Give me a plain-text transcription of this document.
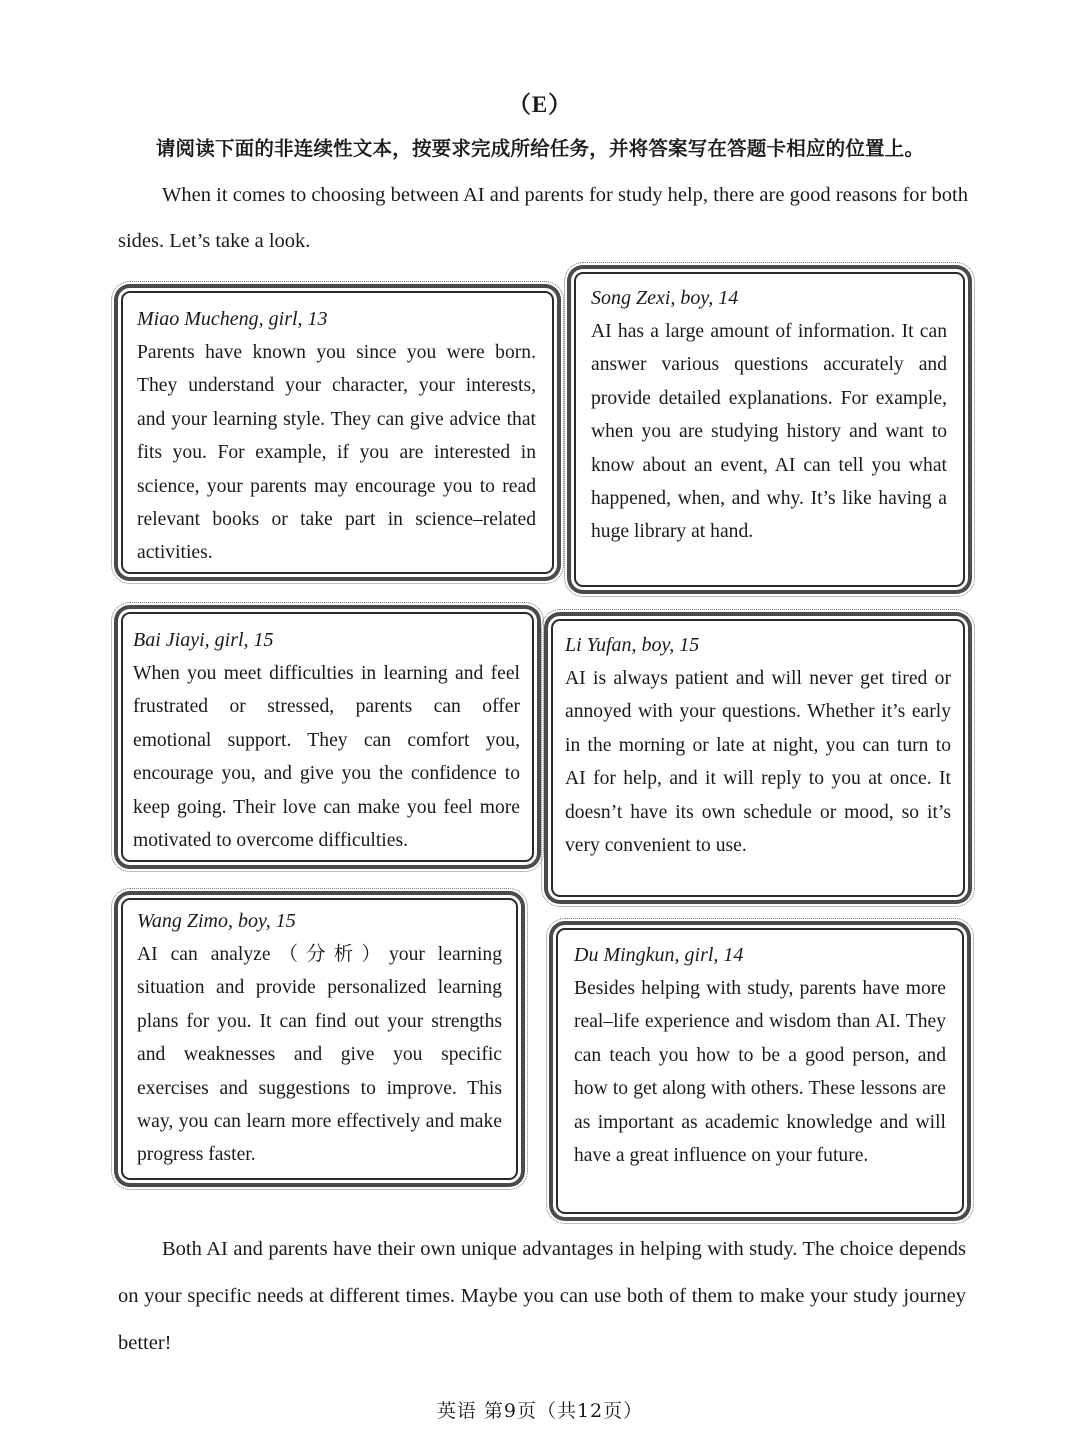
（E）
请阅读下面的非连续性文本，按要求完成所给任务，并将答案写在答题卡相应的位置上。
When it comes to choosing between AI and parents for study help, there are good reasons for both sides. Let’s take a look.
Miao Mucheng, girl, 13
Parents have known you since you were born. They understand your character, your interests, and your learning style. They can give advice that fits you. For example, if you are interested in science, your parents may encourage you to read relevant books or take part in science–related activities.
Song Zexi, boy, 14
AI has a large amount of information. It can answer various questions accurately and provide detailed explanations. For example, when you are studying history and want to know about an event, AI can tell you what happened, when, and why. It’s like having a huge library at hand.
Bai Jiayi, girl, 15
When you meet difficulties in learning and feel frustrated or stressed, parents can offer emotional support. They can comfort you, encourage you, and give you the confidence to keep going. Their love can make you feel more motivated to overcome difficulties.
Li Yufan, boy, 15
AI is always patient and will never get tired or annoyed with your questions. Whether it’s early in the morning or late at night, you can turn to AI for help, and it will reply to you at once. It doesn’t have its own schedule or mood, so it’s very convenient to use.
Wang Zimo, boy, 15
AI can analyze（分析）your learning situation and provide personalized learning plans for you. It can find out your strengths and weaknesses and give you specific exercises and suggestions to improve. This way, you can learn more effectively and make progress faster.
Du Mingkun, girl, 14
Besides helping with study, parents have more real–life experience and wisdom than AI. They can teach you how to be a good person, and how to get along with others. These lessons are as important as academic knowledge and will have a great influence on your future.
Both AI and parents have their own unique advantages in helping with study. The choice depends on your specific needs at different times. Maybe you can use both of them to make your study journey better!
英语 第9页（共12页）
